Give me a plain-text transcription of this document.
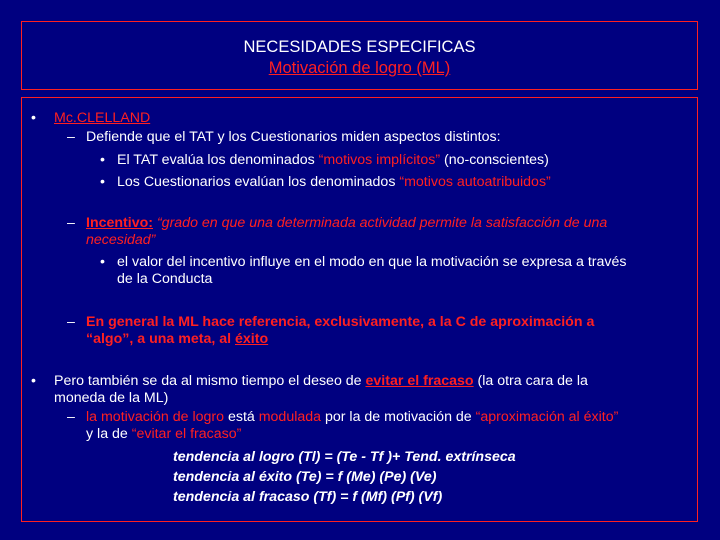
NECESIDADES ESPECIFICAS
Motivación de logro (ML)
• Mc.CLELLAND
– Defiende que el TAT y los Cuestionarios miden aspectos distintos:
• El TAT evalúa los denominados “motivos implícitos” (no-conscientes)
• Los Cuestionarios evalúan los denominados “motivos autoatribuidos”
– Incentivo: “grado en que una determinada actividad permite la satisfacción de una
necesidad”
• el valor del incentivo influye en el modo en que la motivación se expresa a través
de la Conducta
– En general la ML hace referencia, exclusivamente, a la C de aproximación a
“algo”, a una meta, al éxito
• Pero también se da al mismo tiempo el deseo de evitar el fracaso (la otra cara de la
moneda de la ML)
– la motivación de logro está modulada por la de motivación de “aproximación al éxito”
y la de “evitar el fracaso”
tendencia al logro (Tl) = (Te - Tf )+ Tend. extrínseca
tendencia al éxito (Te) = f (Me) (Pe) (Ve)
tendencia al fracaso (Tf) = f (Mf) (Pf) (Vf)
